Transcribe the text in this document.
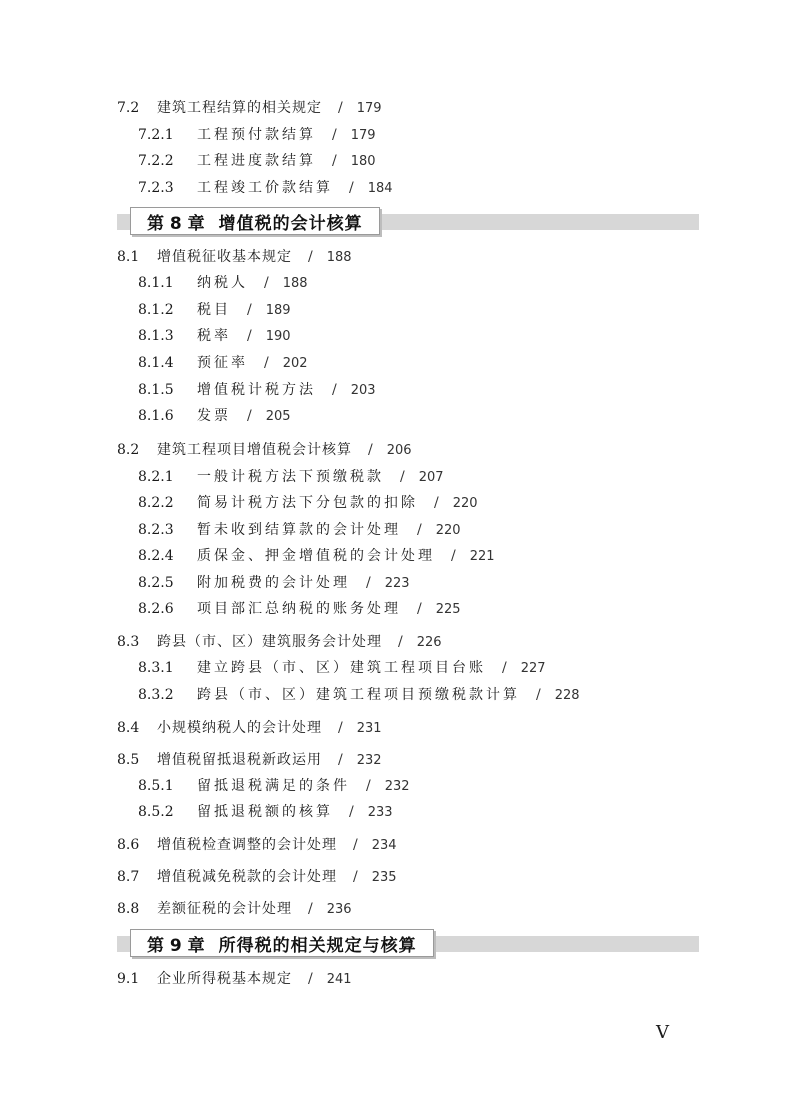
7.2 建筑工程结算的相关规定 / 179
7.2.1 工程预付款结算 / 179
7.2.2 工程进度款结算 / 180
7.2.3 工程竣工价款结算 / 184
第 8 章 增值税的会计核算
8.1 增值税征收基本规定 / 188
8.1.1 纳税人 / 188
8.1.2 税目 / 189
8.1.3 税率 / 190
8.1.4 预征率 / 202
8.1.5 增值税计税方法 / 203
8.1.6 发票 / 205
8.2 建筑工程项目增值税会计核算 / 206
8.2.1 一般计税方法下预缴税款 / 207
8.2.2 简易计税方法下分包款的扣除 / 220
8.2.3 暂未收到结算款的会计处理 / 220
8.2.4 质保金、押金增值税的会计处理 / 221
8.2.5 附加税费的会计处理 / 223
8.2.6 项目部汇总纳税的账务处理 / 225
8.3 跨县（市、区）建筑服务会计处理 / 226
8.3.1 建立跨县（市、区）建筑工程项目台账 / 227
8.3.2 跨县（市、区）建筑工程项目预缴税款计算 / 228
8.4 小规模纳税人的会计处理 / 231
8.5 增值税留抵退税新政运用 / 232
8.5.1 留抵退税满足的条件 / 232
8.5.2 留抵退税额的核算 / 233
8.6 增值税检查调整的会计处理 / 234
8.7 增值税减免税款的会计处理 / 235
8.8 差额征税的会计处理 / 236
第 9 章 所得税的相关规定与核算
9.1 企业所得税基本规定 / 241
V
